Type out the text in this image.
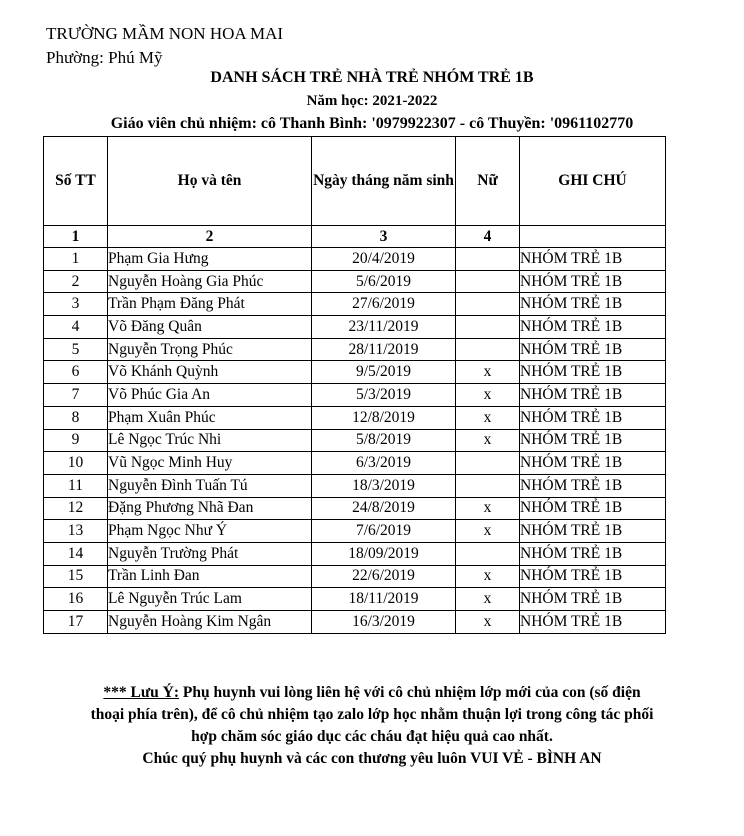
TRƯỜNG MẦM NON HOA MAI
Phường: Phú Mỹ
DANH SÁCH TRẺ NHÀ TRẺ NHÓM TRẺ 1B
Năm học: 2021-2022
Giáo viên chủ nhiệm: cô Thanh Bình: '0979922307 - cô Thuyền: '0961102770
Số TT	Họ và tên	Ngày tháng năm sinh	Nữ	GHI CHÚ
1	2	3	4	
1	Phạm Gia Hưng	20/4/2019		NHÓM TRẺ 1B
2	Nguyễn Hoàng Gia Phúc	5/6/2019		NHÓM TRẺ 1B
3	Trần Phạm Đăng Phát	27/6/2019		NHÓM TRẺ 1B
4	Võ Đăng Quân	23/11/2019		NHÓM TRẺ 1B
5	Nguyễn Trọng Phúc	28/11/2019		NHÓM TRẺ 1B
6	Võ Khánh Quỳnh	9/5/2019	x	NHÓM TRẺ 1B
7	Võ Phúc Gia An	5/3/2019	x	NHÓM TRẺ 1B
8	Phạm Xuân Phúc	12/8/2019	x	NHÓM TRẺ 1B
9	Lê Ngọc Trúc Nhi	5/8/2019	x	NHÓM TRẺ 1B
10	Vũ Ngọc Minh Huy	6/3/2019		NHÓM TRẺ 1B
11	Nguyễn Đình Tuấn Tú	18/3/2019		NHÓM TRẺ 1B
12	Đặng Phương Nhã Đan	24/8/2019	x	NHÓM TRẺ 1B
13	Phạm Ngọc Như Ý	7/6/2019	x	NHÓM TRẺ 1B
14	Nguyễn Trường Phát	18/09/2019		NHÓM TRẺ 1B
15	Trần Linh Đan	22/6/2019	x	NHÓM TRẺ 1B
16	Lê Nguyễn Trúc Lam	18/11/2019	x	NHÓM TRẺ 1B
17	Nguyễn Hoàng Kim Ngân	16/3/2019	x	NHÓM TRẺ 1B
*** Lưu Ý: Phụ huynh vui lòng liên hệ với cô chủ nhiệm lớp mới của con (số điện
thoại phía trên), để cô chủ nhiệm tạo zalo lớp học nhằm thuận lợi trong công tác phối
hợp chăm sóc giáo dục các cháu đạt hiệu quả cao nhất.
Chúc quý phụ huynh và các con thương yêu luôn VUI VẺ - BÌNH AN
